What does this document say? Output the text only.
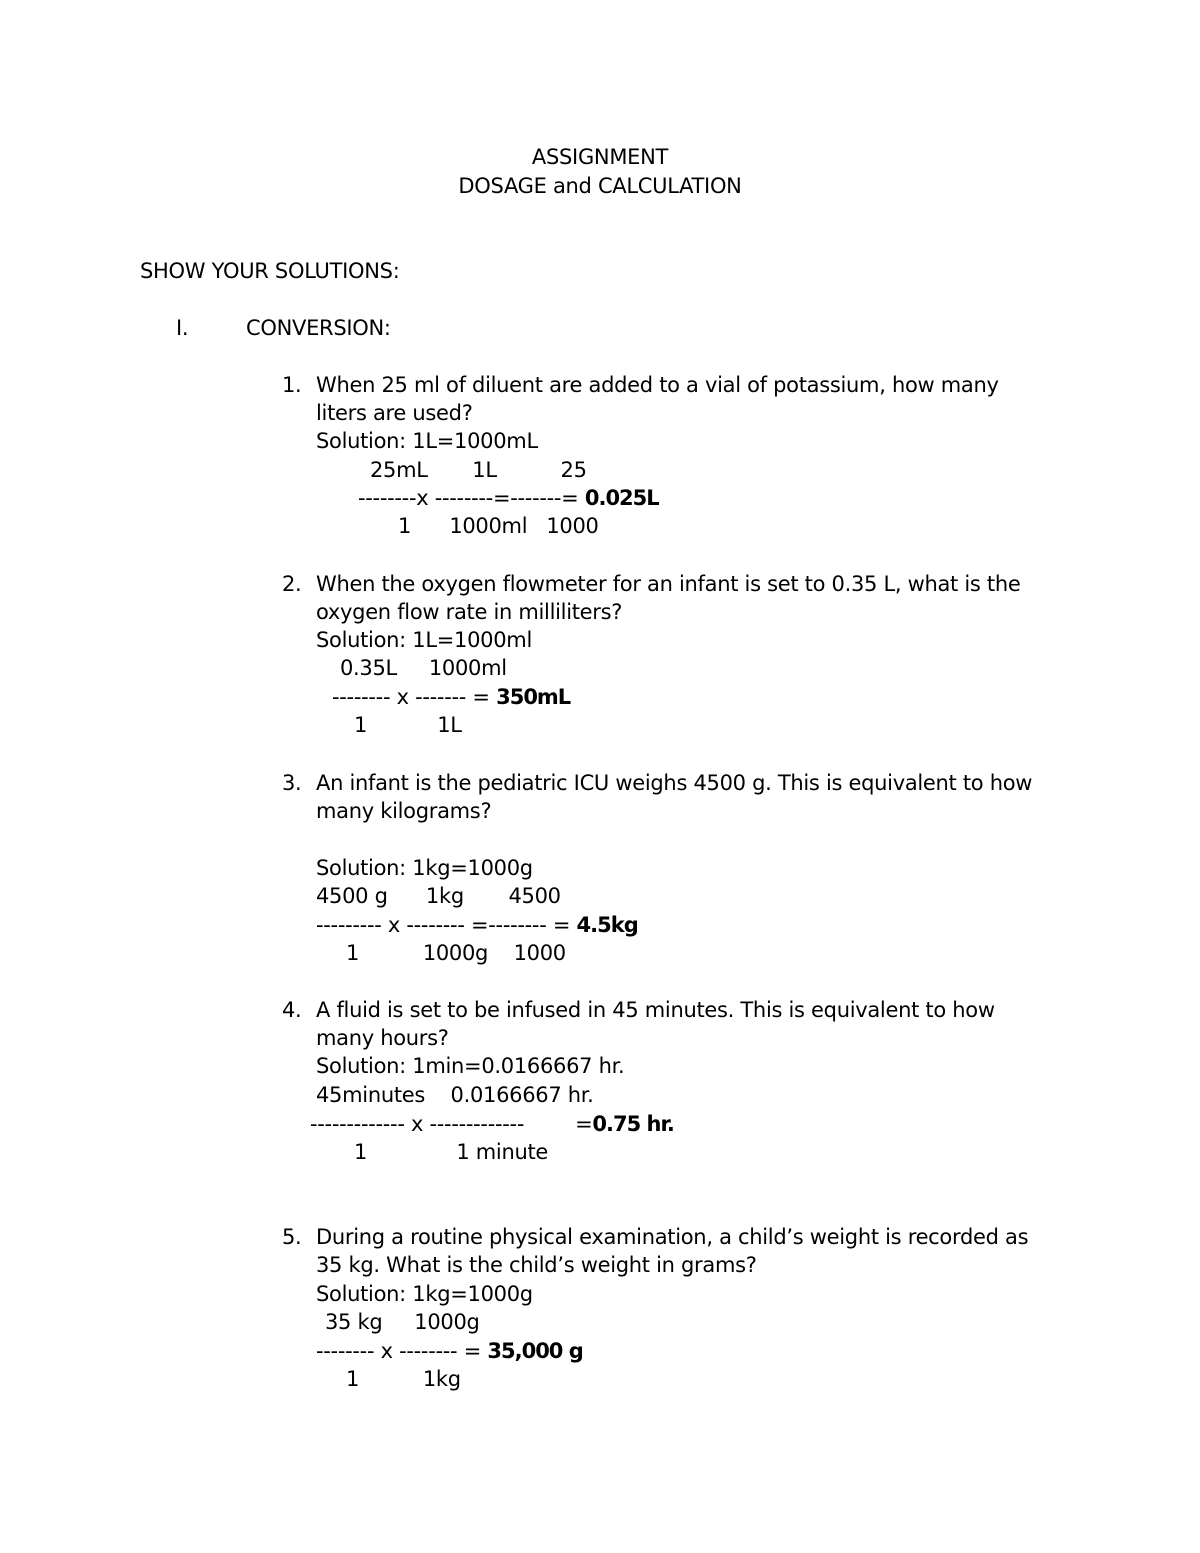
ASSIGNMENT
DOSAGE and CALCULATION
SHOW YOUR SOLUTIONS:
I.	CONVERSION:
1. When 25 ml of diluent are added to a vial of potassium, how many
liters are used?
Solution: 1L=1000mL
25mL       1L          25
--------x --------=-------= 0.025L
1      1000ml   1000
2. When the oxygen flowmeter for an infant is set to 0.35 L, what is the
oxygen flow rate in milliliters?
Solution: 1L=1000ml
0.35L     1000ml
-------- x ------- = 350mL
1           1L
3. An infant is the pediatric ICU weighs 4500 g. This is equivalent to how
many kilograms?
Solution: 1kg=1000g
4500 g      1kg       4500
--------- x -------- =-------- = 4.5kg
1          1000g    1000
4. A fluid is set to be infused in 45 minutes. This is equivalent to how
many hours?
Solution: 1min=0.0166667 hr.
45minutes    0.0166667 hr.
------------- x -------------        =0.75 hr.
1              1 minute
5. During a routine physical examination, a child’s weight is recorded as
35 kg. What is the child’s weight in grams?
Solution: 1kg=1000g
35 kg     1000g
-------- x -------- = 35,000 g
1          1kg
